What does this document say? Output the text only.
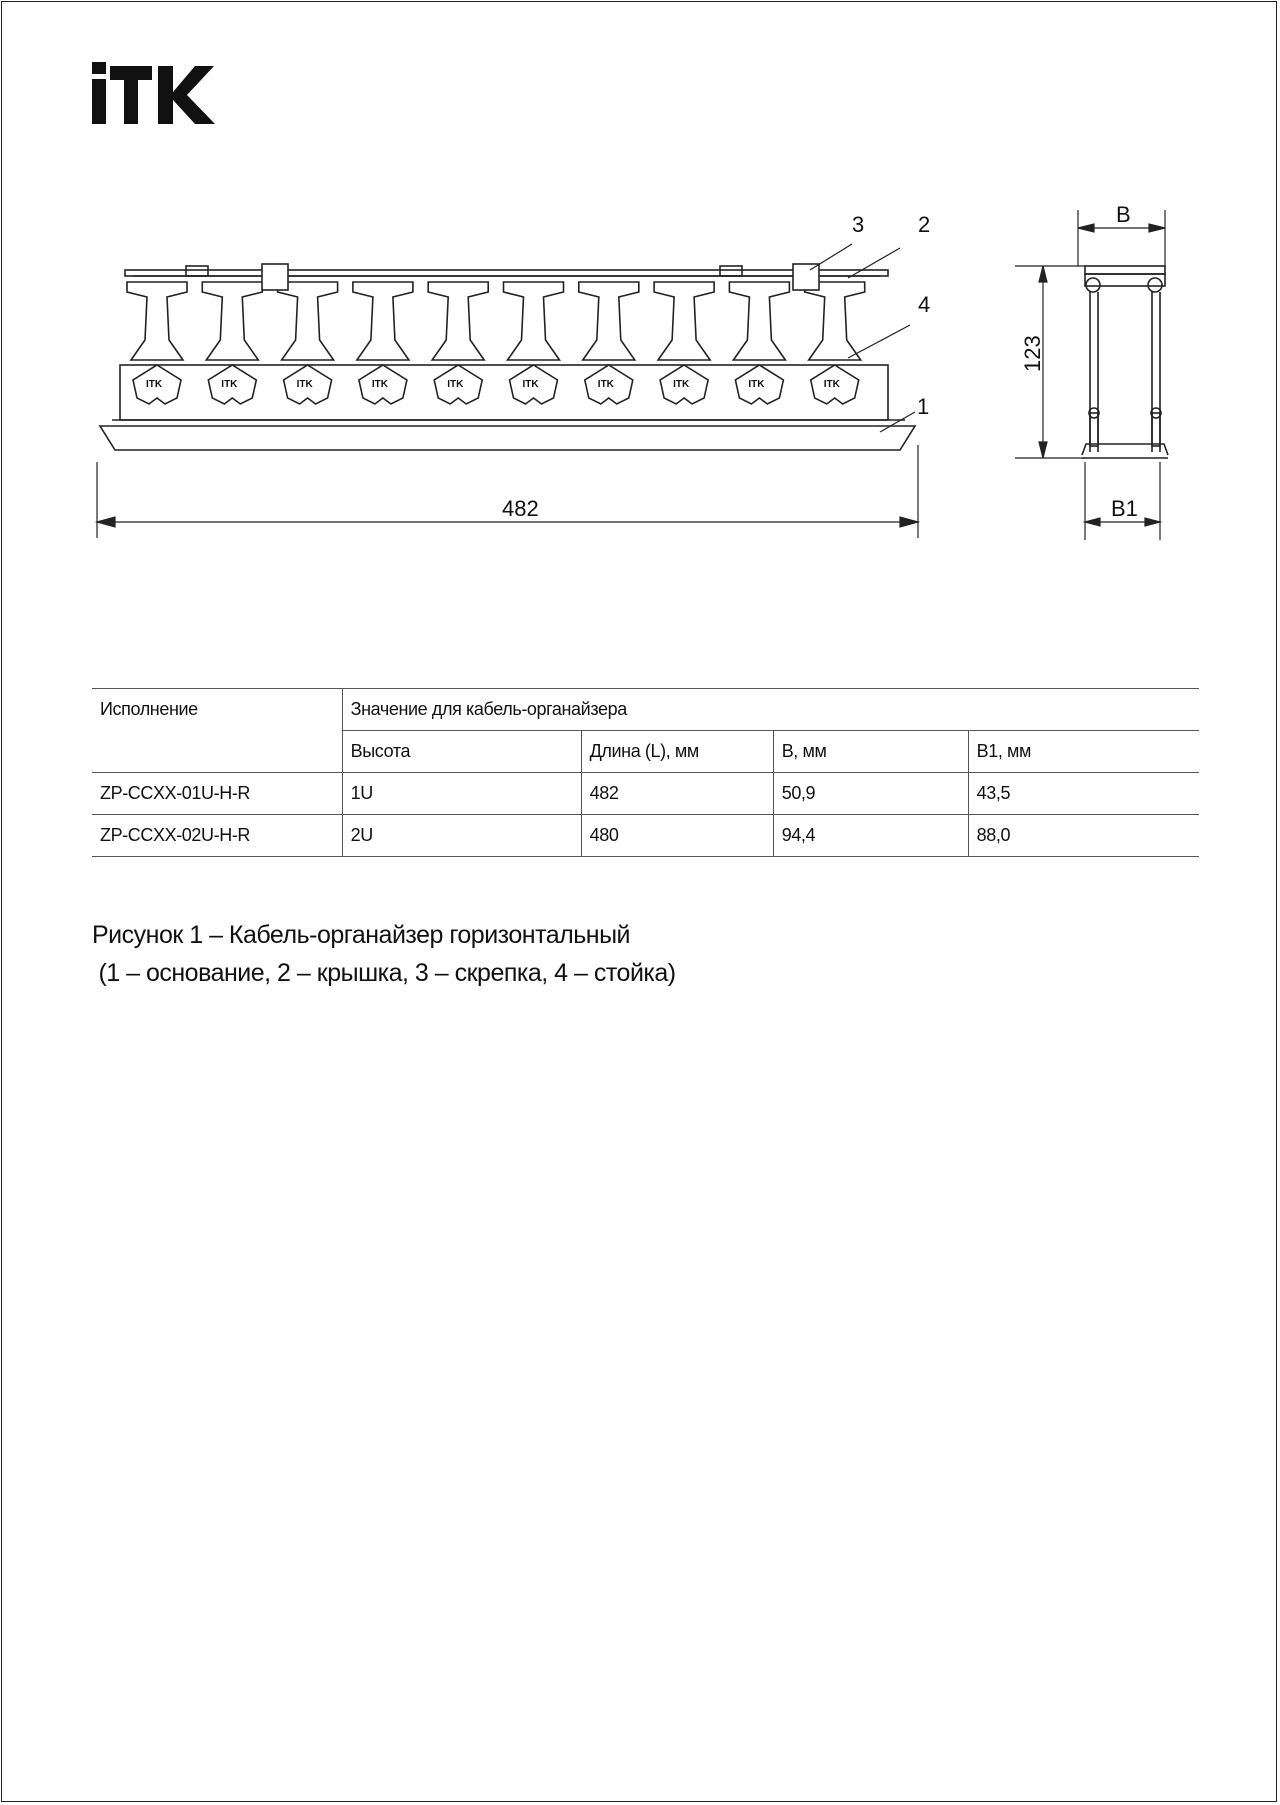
ITK	ITK	ITK	ITK	ITK	ITK	ITK	ITK	ITK	ITK
1
2
3
4
482
B
123
B1
Исполнение	Значение для кабель-органайзера			
	Высота	Длина (L), мм	B, мм	B1, мм
ZP-CCXX-01U-H-R	1U	482	50,9	43,5
ZP-CCXX-02U-H-R	2U	480	94,4	88,0
Рисунок 1 – Кабель-органайзер горизонтальный
(1 – основание, 2 – крышка, 3 – скрепка, 4 – стойка)
